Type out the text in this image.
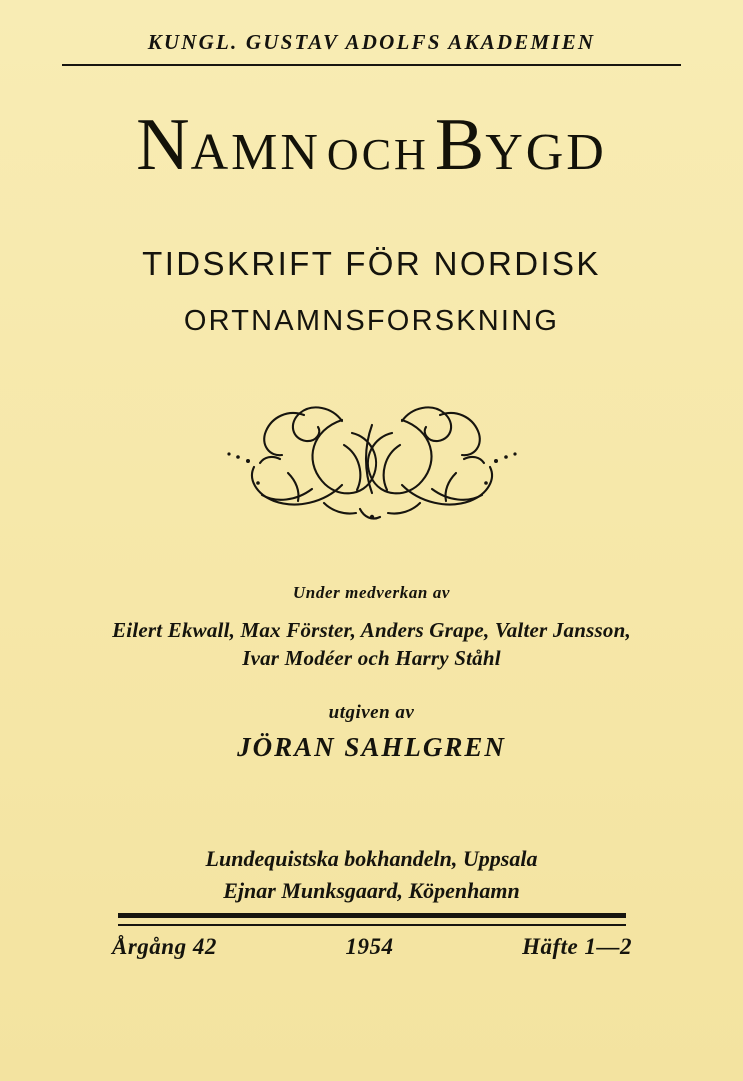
KUNGL. GUSTAV ADOLFS AKADEMIEN
NAMN OCHBYGD
TIDSKRIFT FÖR NORDISK
ORTNAMNSFORSKNING
Under medverkan av
Eilert Ekwall, Max Förster, Anders Grape, Valter Jansson,
Ivar Modéer och Harry Ståhl
utgiven av
JÖRAN SAHLGREN
Lundequistska bokhandeln, Uppsala
Ejnar Munksgaard, Köpenhamn
Årgång 42	1954	Häfte 1—2
